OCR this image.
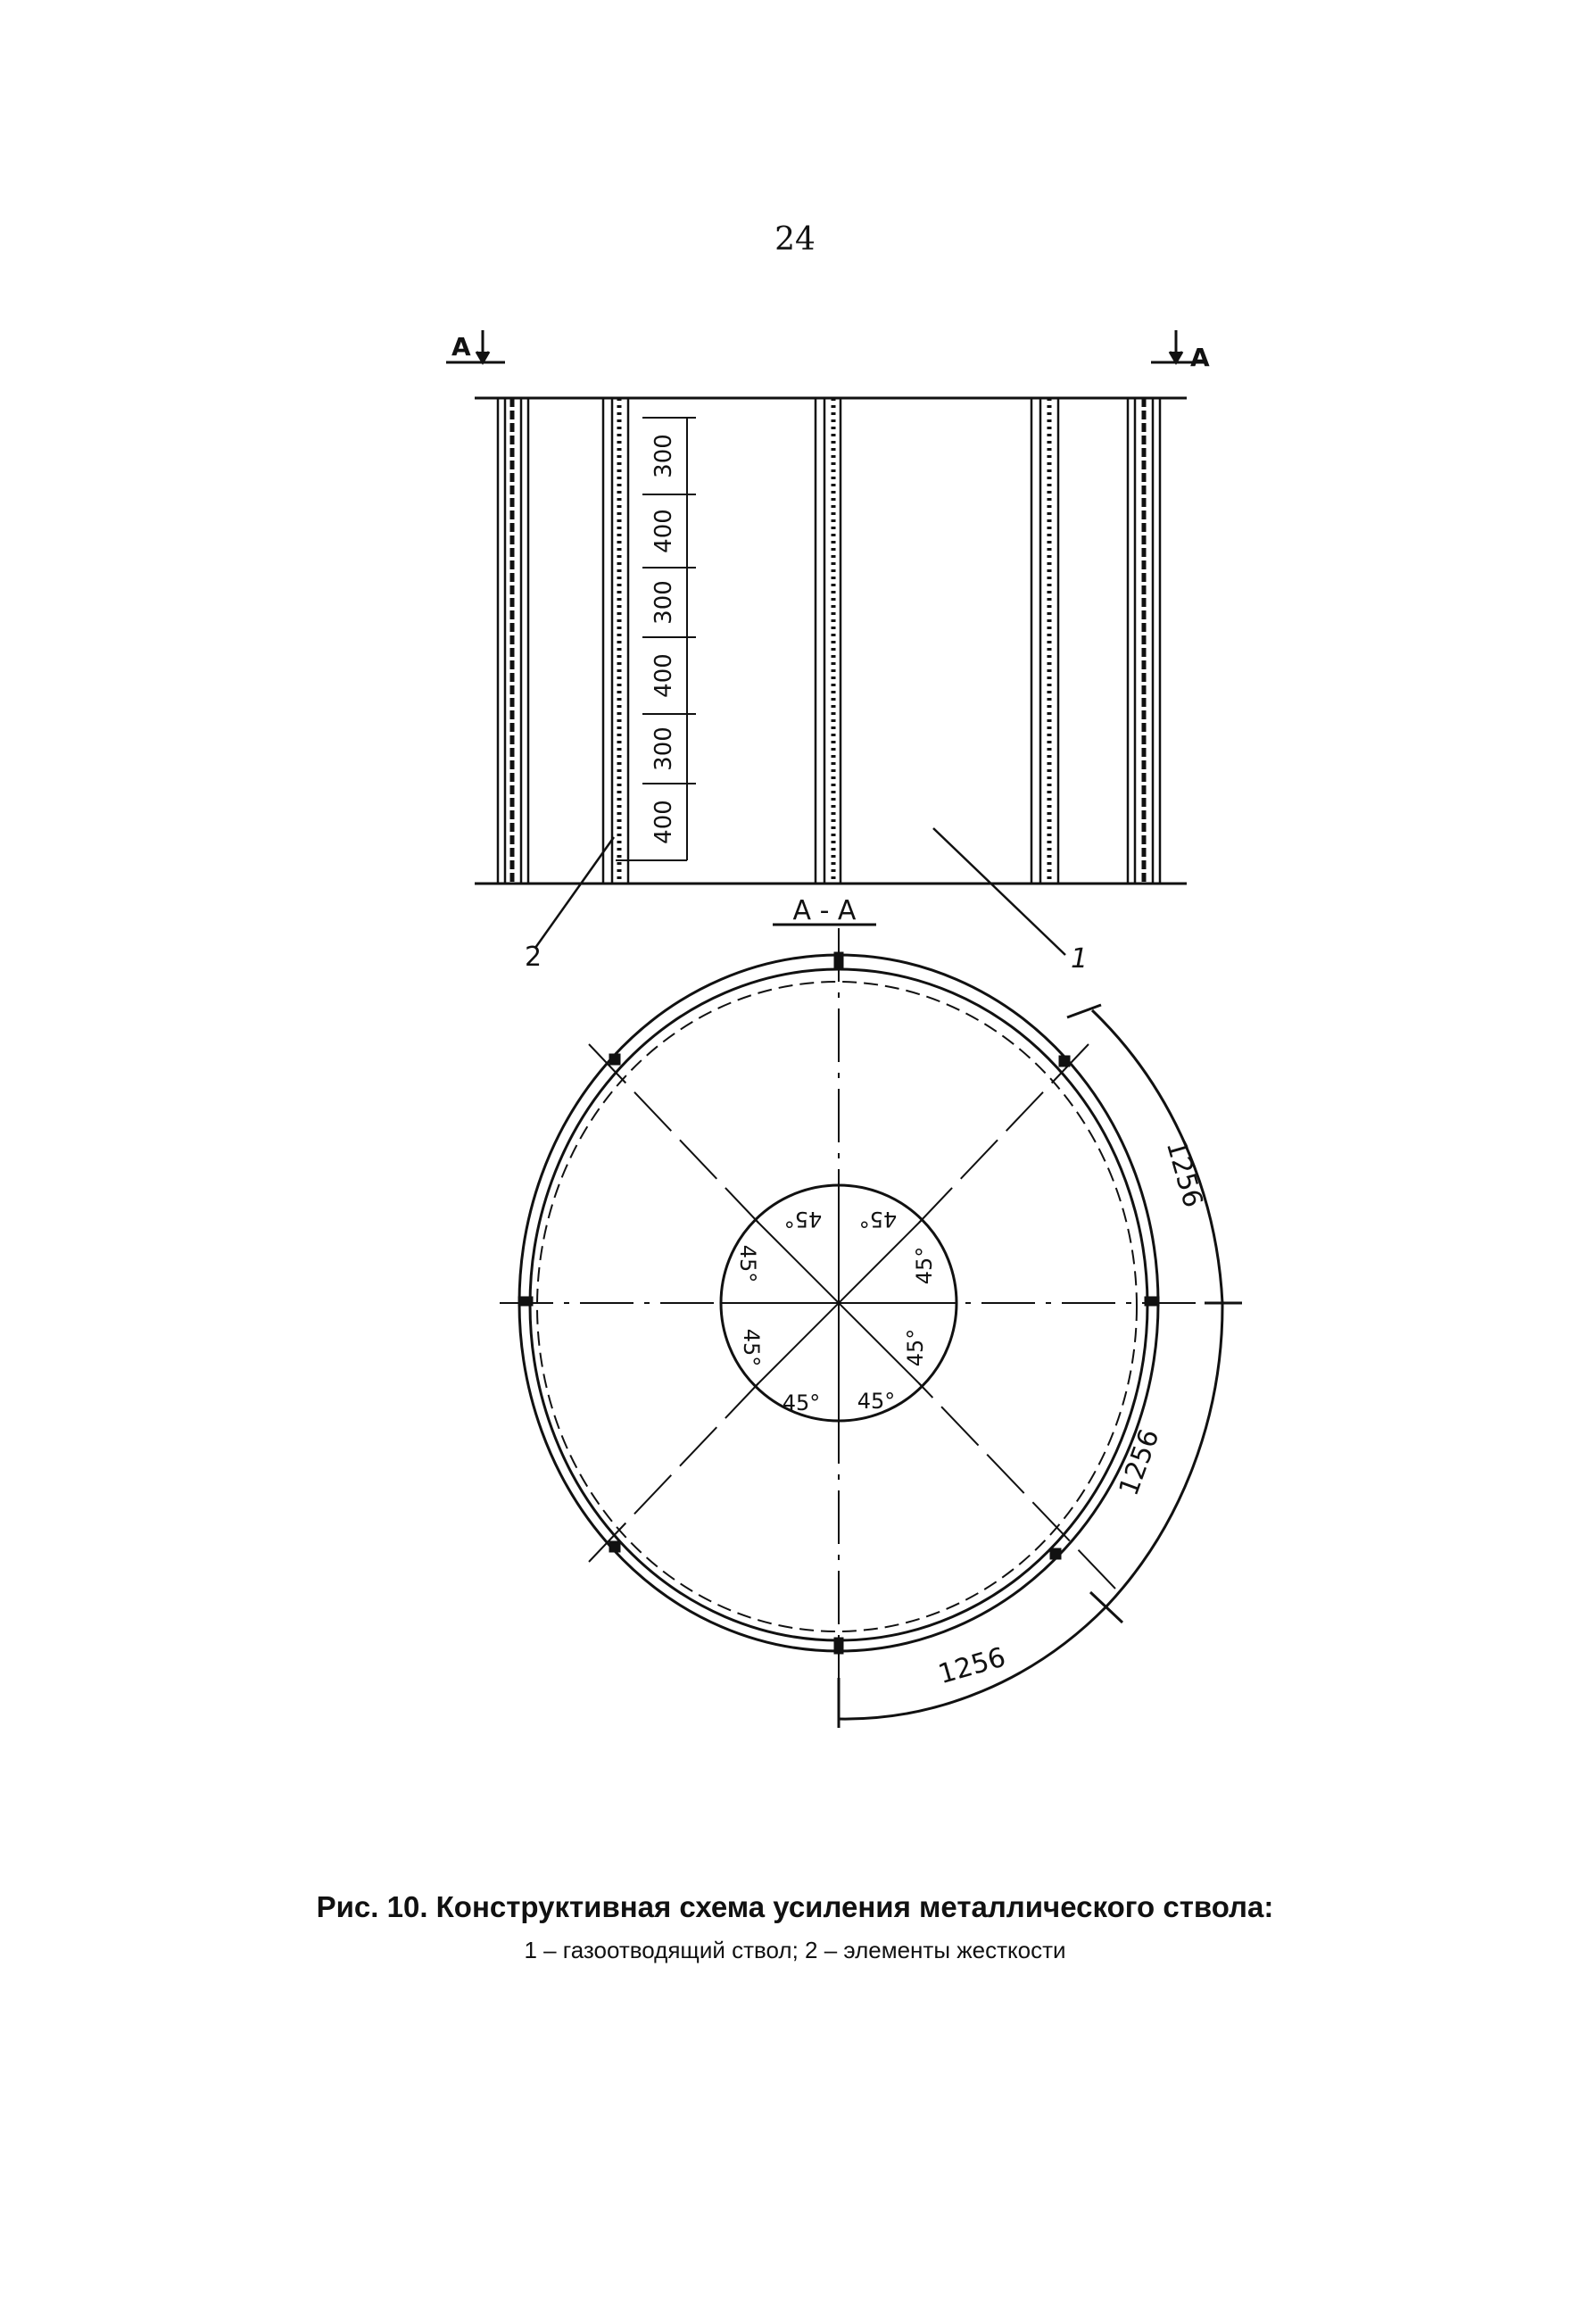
24
A	A
A - A
2	1
300
400
300
400
300
400
45° 45°
45°
45°
45°
45°
45°
45°
1256
1256
1256
Рис. 10. Конструктивная схема усиления металлического ствола:
1 – газоотводящий ствол; 2 – элементы жесткости
